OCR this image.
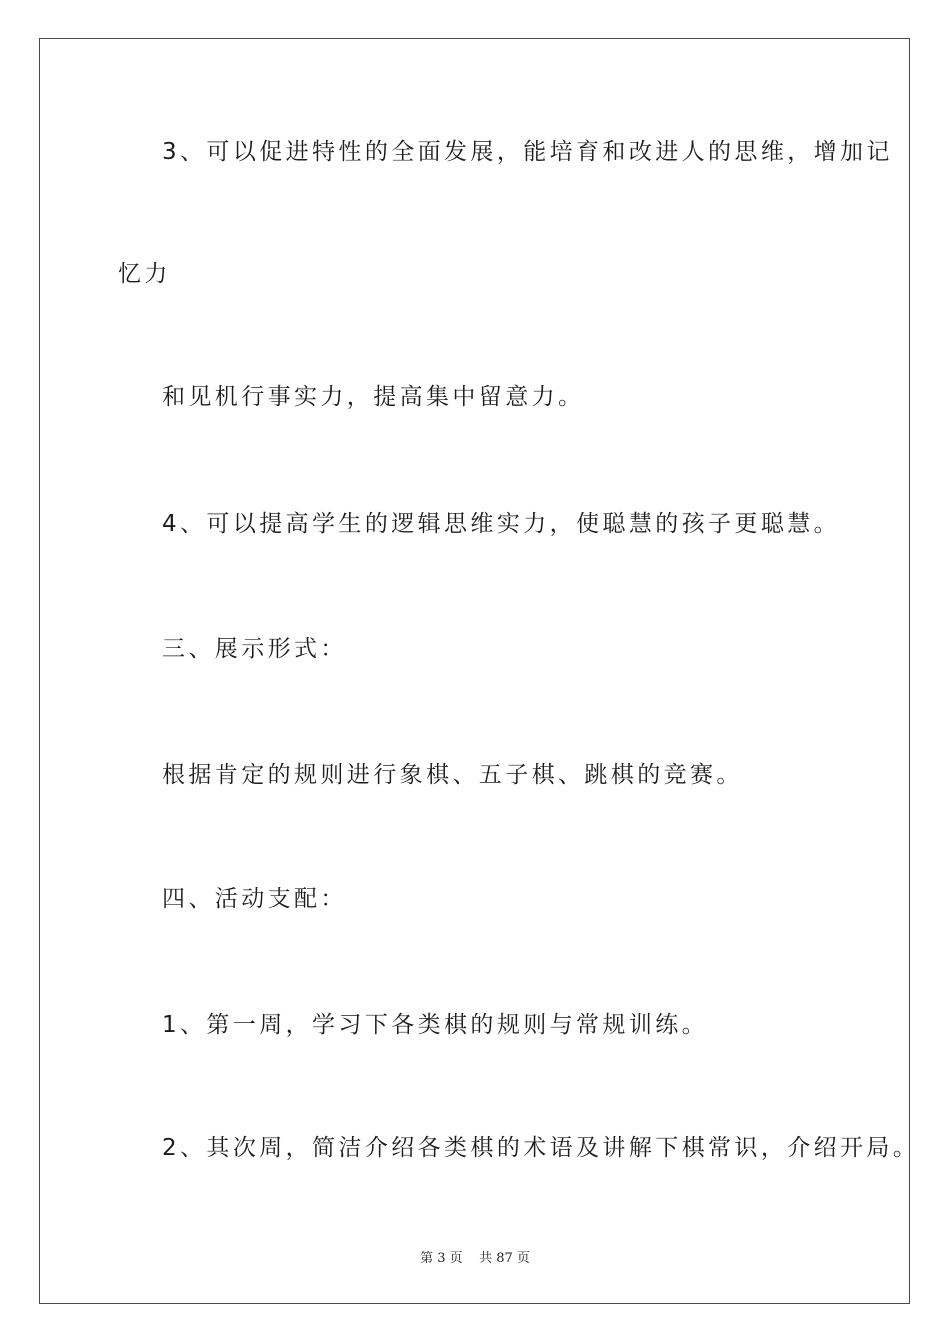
3、可以促进特性的全面发展，能培育和改进人的思维，增加记
忆力
和见机行事实力，提高集中留意力。
4、可以提高学生的逻辑思维实力，使聪慧的孩子更聪慧。
三、展示形式：
根据肯定的规则进行象棋、五子棋、跳棋的竞赛。
四、活动支配：
1、第一周，学习下各类棋的规则与常规训练。
2、其次周，简洁介绍各类棋的术语及讲解下棋常识，介绍开局。
第 3 页    共 87 页
